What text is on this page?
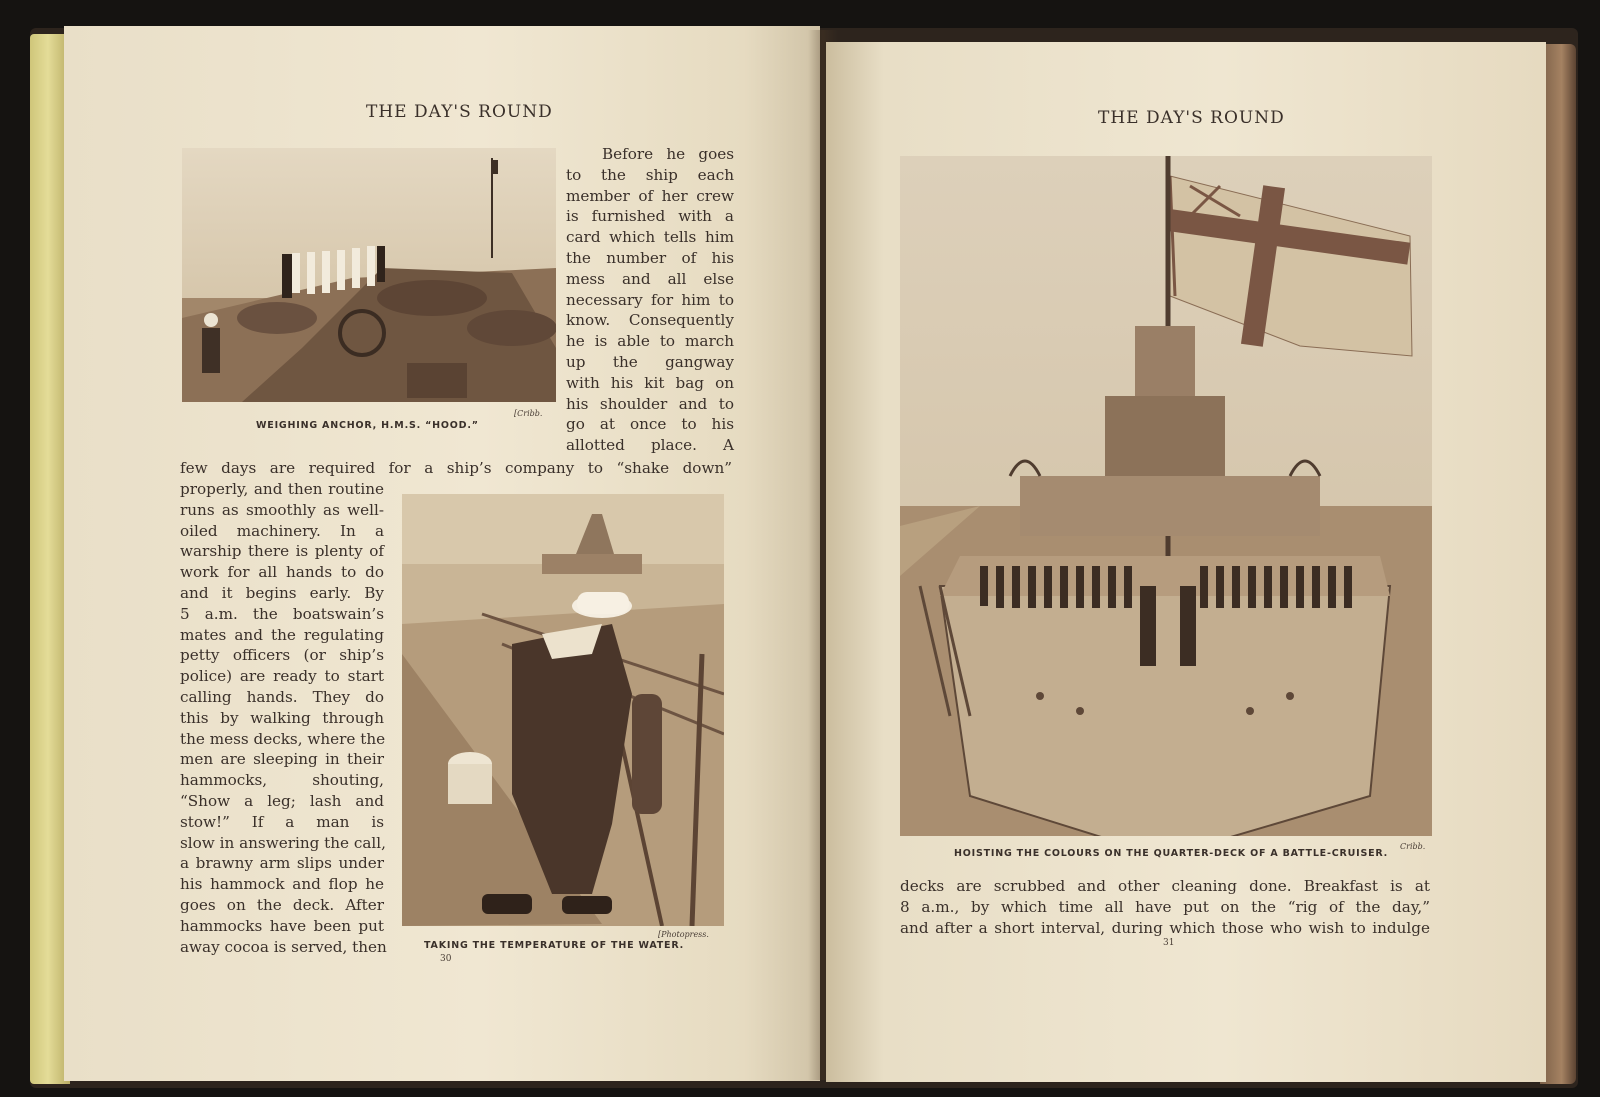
THE DAY'S ROUND
WEIGHING ANCHOR, H.M.S. “HOOD.”
[Cribb.
Before he goes
to the ship each
member of her crew
is furnished with a
card which tells him
the number of his
mess and all else
necessary for him to
know. Consequently
he is able to march
up the gangway
with his kit bag on
his shoulder and to
go at once to his
allotted place. A
few days are required for a ship’s company to “shake down”
properly, and then routine
runs as smoothly as well-
oiled machinery. In a
warship there is plenty of
work for all hands to do
and it begins early. By
5 a.m. the boatswain’s
mates and the regulating
petty officers (or ship’s
police) are ready to start
calling hands. They do
this by walking through
the mess decks, where the
men are sleeping in their
hammocks, shouting,
“Show a leg; lash and
stow!” If a man is
slow in answering the call,
a brawny arm slips under
his hammock and flop he
goes on the deck. After
hammocks have been put
away cocoa is served, then	TAKING THE TEMPERATURE OF THE WATER.
[Photopress.
30
THE DAY'S ROUND
HOISTING THE COLOURS ON THE QUARTER-DECK OF A BATTLE-CRUISER.
Cribb.
decks are scrubbed and other cleaning done. Breakfast is at
8 a.m., by which time all have put on the “rig of the day,”
and after a short interval, during which those who wish to indulge
31
